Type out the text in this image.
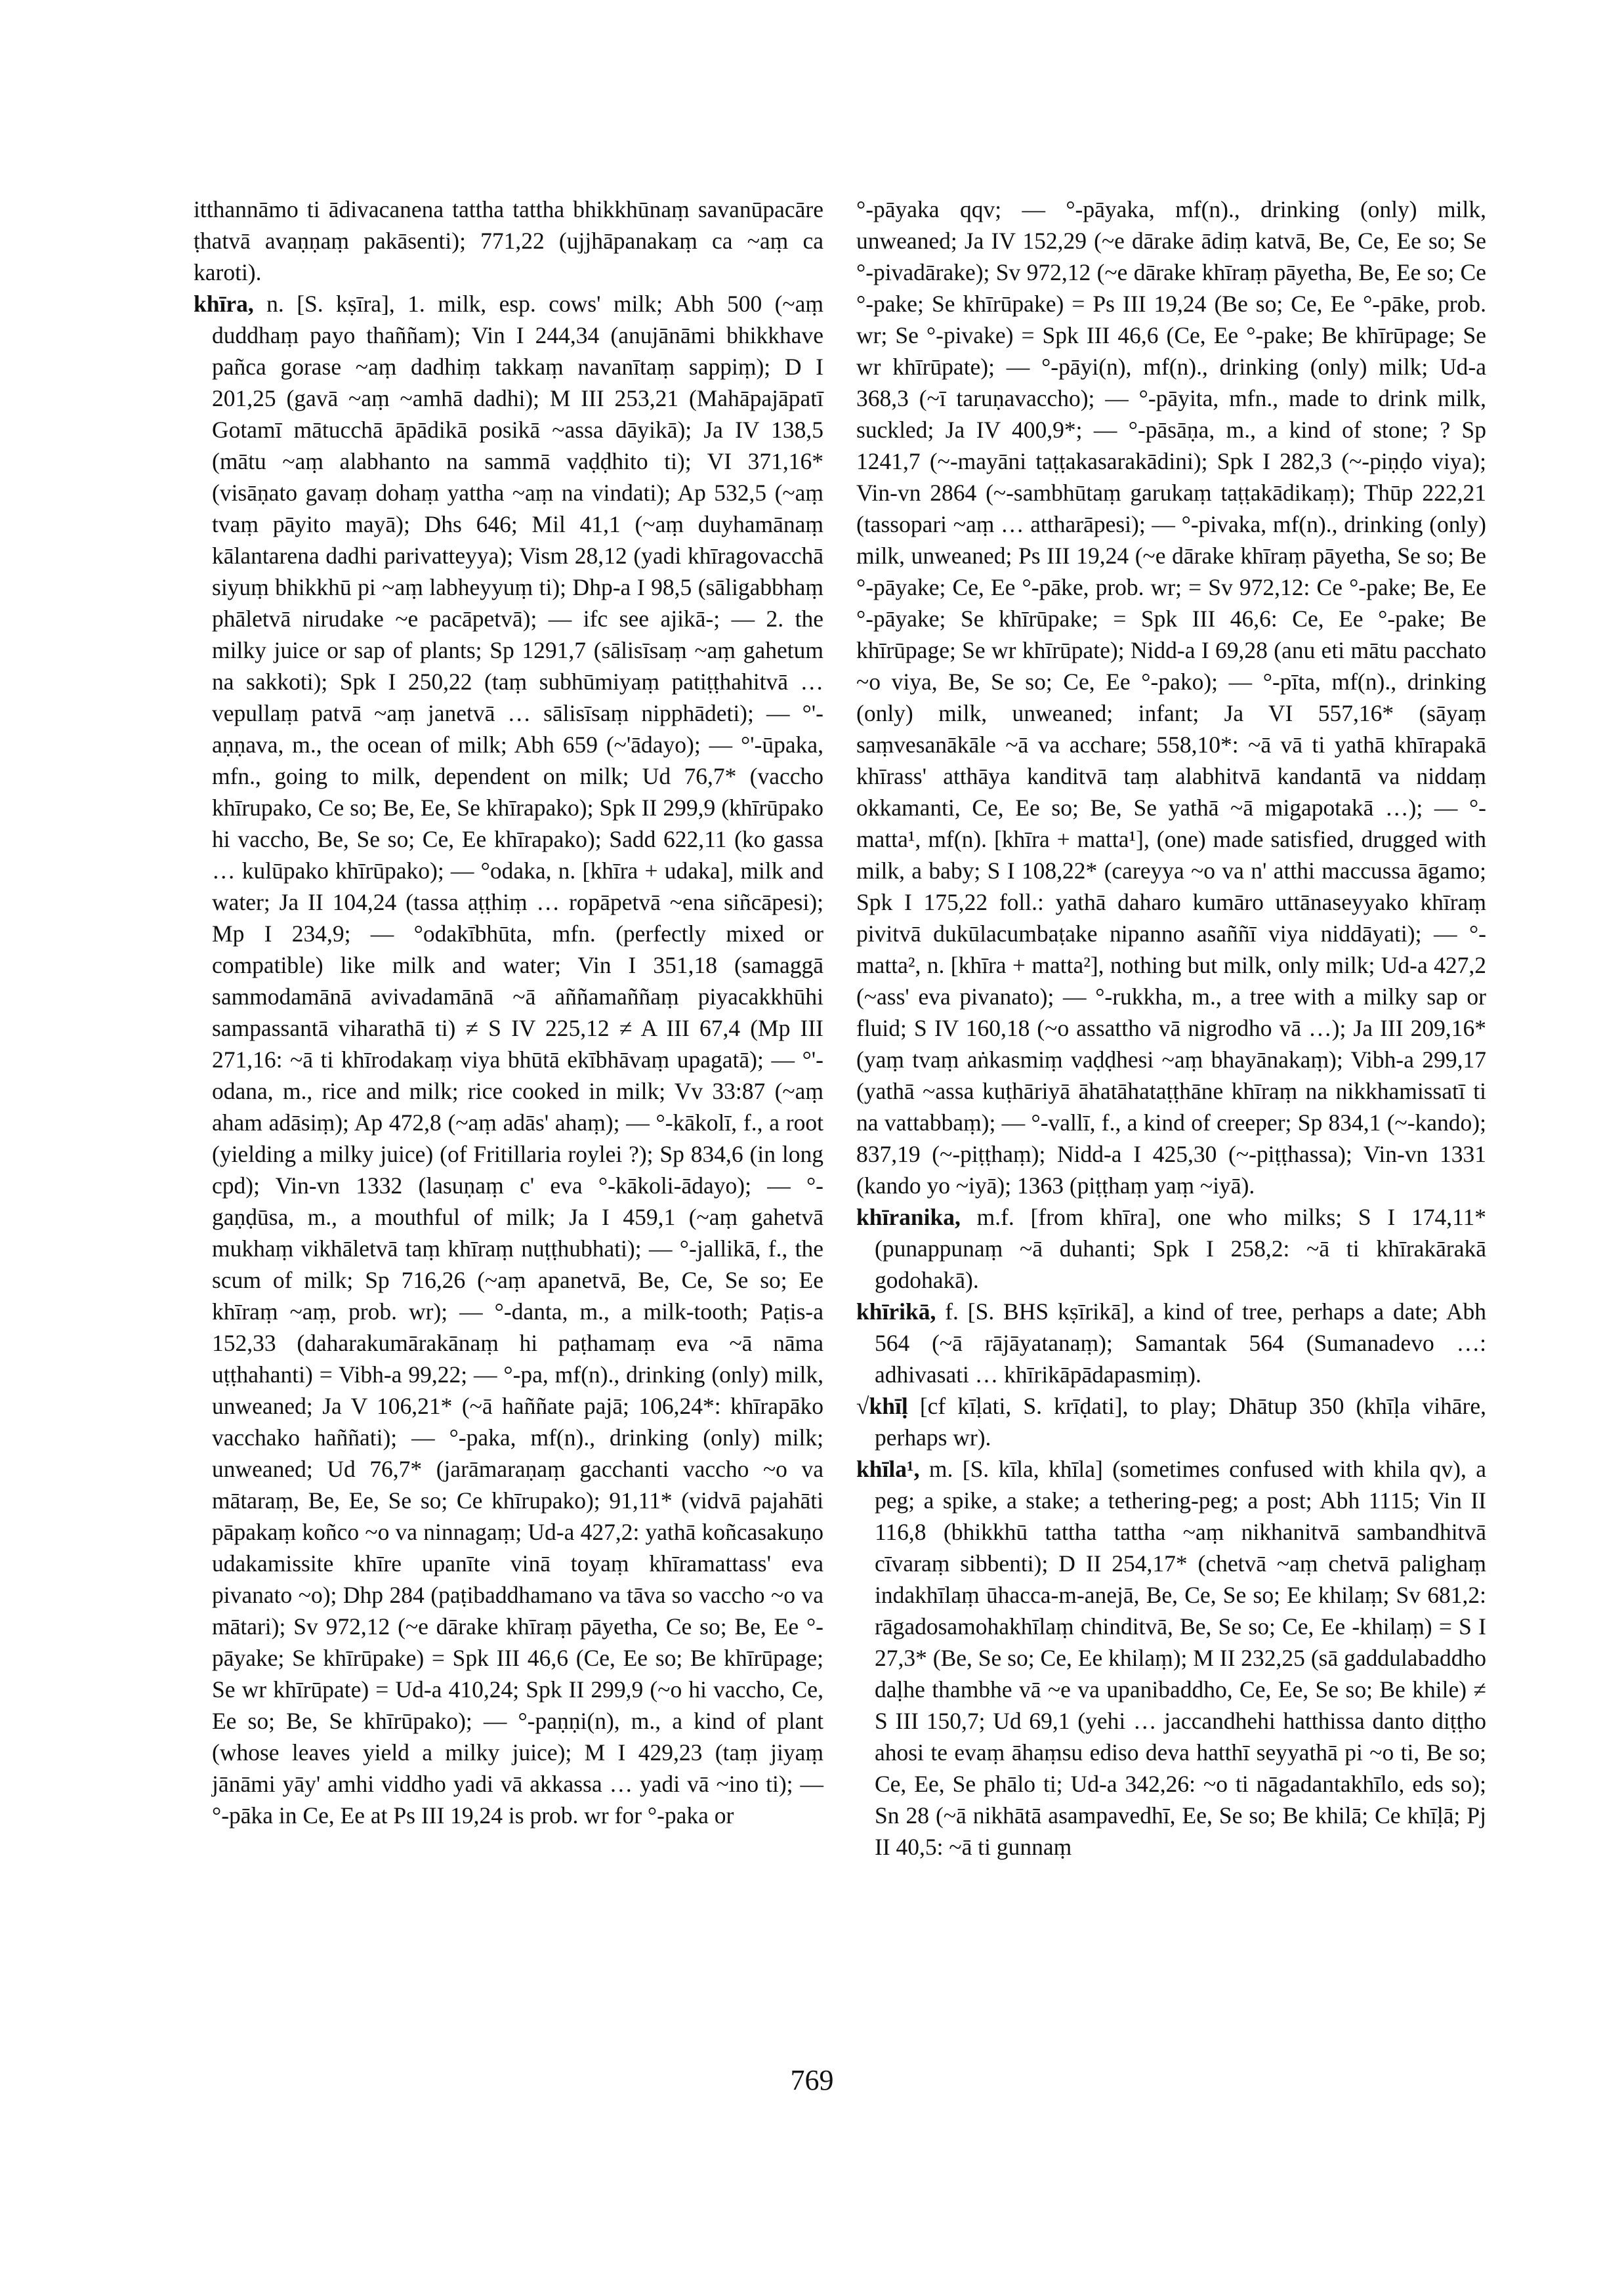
itthannāmo ti ādivacanena tattha tattha bhikkhūnaṃ savanūpacāre ṭhatvā avaṇṇaṃ pakāsenti); 771,22 (ujjhāpanakaṃ ca ~aṃ ca karoti).

khīra, n. [S. kṣīra], 1. milk, esp. cows' milk; Abh 500 (~aṃ duddhaṃ payo thaññam); Vin I 244,34 (anujānāmi bhikkhave pañca gorase ~aṃ dadhiṃ takkaṃ navanītaṃ sappiṃ); D I 201,25 (gavā ~aṃ ~amhā dadhi); M III 253,21 (Mahāpajāpatī Gotamī mātucchā āpādikā posikā ~assa dāyikā); Ja IV 138,5 (mātu ~aṃ alabhanto na sammā vaḍḍhito ti); VI 371,16* (visāṇato gavaṃ dohaṃ yattha ~aṃ na vindati); Ap 532,5 (~aṃ tvaṃ pāyito mayā); Dhs 646; Mil 41,1 (~aṃ duyhamānaṃ kālantarena dadhi parivatteyya); Vism 28,12 (yadi khīragovacchā siyuṃ bhikkhū pi ~aṃ labheyyuṃ ti); Dhp-a I 98,5 (sāligabbhaṃ phāletvā nirudake ~e pacāpetvā); — ifc see ajikā-; — 2. the milky juice or sap of plants; Sp 1291,7 (sālisīsaṃ ~aṃ gahetum na sakkoti); Spk I 250,22 (taṃ subhūmiyaṃ patiṭṭhahitvā … vepullaṃ patvā ~aṃ janetvā … sālisīsaṃ nipphādeti); — °'-aṇṇava, m., the ocean of milk; Abh 659 (~'ādayo); — °'-ūpaka, mfn., going to milk, dependent on milk; Ud 76,7* (vaccho khīrupako, Ce so; Be, Ee, Se khīrapako); Spk II 299,9 (khīrūpako hi vaccho, Be, Se so; Ce, Ee khīrapako); Sadd 622,11 (ko gassa … kulūpako khīrūpako); — °odaka, n. [khīra + udaka], milk and water; Ja II 104,24 (tassa aṭṭhiṃ … ropāpetvā ~ena siñcāpesi); Mp I 234,9; — °odakībhūta, mfn. (perfectly mixed or compatible) like milk and water; Vin I 351,18 (samaggā sammodamānā avivadamānā ~ā aññamaññaṃ piyacakkhūhi sampassantā viharathā ti) ≠ S IV 225,12 ≠ A III 67,4 (Mp III 271,16: ~ā ti khīrodakaṃ viya bhūtā ekībhāvaṃ upagatā); — °'-odana, m., rice and milk; rice cooked in milk; Vv 33:87 (~aṃ aham adāsiṃ); Ap 472,8 (~aṃ adās' ahaṃ); — °-kākolī, f., a root (yielding a milky juice) (of Fritillaria roylei ?); Sp 834,6 (in long cpd); Vin-vn 1332 (lasuṇaṃ c' eva °-kākoli-ādayo); — °-gaṇḍūsa, m., a mouthful of milk; Ja I 459,1 (~aṃ gahetvā mukhaṃ vikhāletvā taṃ khīraṃ nuṭṭhubhati); — °-jallikā, f., the scum of milk; Sp 716,26 (~aṃ apanetvā, Be, Ce, Se so; Ee khīraṃ ~aṃ, prob. wr); — °-danta, m., a milk-tooth; Paṭis-a 152,33 (daharakumārakānaṃ hi paṭhamaṃ eva ~ā nāma uṭṭhahanti) = Vibh-a 99,22; — °-pa, mf(n)., drinking (only) milk, unweaned; Ja V 106,21* (~ā haññate pajā; 106,24*: khīrapāko vacchako haññati); — °-paka, mf(n)., drinking (only) milk; unweaned; Ud 76,7* (jarāmaraṇaṃ gacchanti vaccho ~o va mātaraṃ, Be, Ee, Se so; Ce khīrupako); 91,11* (vidvā pajahāti pāpakaṃ koñco ~o va ninnagaṃ; Ud-a 427,2: yathā koñcasakuṇo udakamissite khīre upanīte vinā toyaṃ khīramattass' eva pivanato ~o); Dhp 284 (paṭibaddhamano va tāva so vaccho ~o va mātari); Sv 972,12 (~e dārake khīraṃ pāyetha, Ce so; Be, Ee °-pāyake; Se khīrūpake) = Spk III 46,6 (Ce, Ee so; Be khīrūpage; Se wr khīrūpate) = Ud-a 410,24; Spk II 299,9 (~o hi vaccho, Ce, Ee so; Be, Se khīrūpako); — °-paṇṇi(n), m., a kind of plant (whose leaves yield a milky juice); M I 429,23 (taṃ jiyaṃ jānāmi yāy' amhi viddho yadi vā akkassa … yadi vā ~ino ti); — °-pāka in Ce, Ee at Ps III 19,24 is prob. wr for °-paka or

°-pāyaka qqv; — °-pāyaka, mf(n)., drinking (only) milk, unweaned; Ja IV 152,29 (~e dārake ādiṃ katvā, Be, Ce, Ee so; Se °-pivadārake); Sv 972,12 (~e dārake khīraṃ pāyetha, Be, Ee so; Ce °-pake; Se khīrūpake) = Ps III 19,24 (Be so; Ce, Ee °-pāke, prob. wr; Se °-pivake) = Spk III 46,6 (Ce, Ee °-pake; Be khīrūpage; Se wr khīrūpate); — °-pāyi(n), mf(n)., drinking (only) milk; Ud-a 368,3 (~ī taruṇavaccho); — °-pāyita, mfn., made to drink milk, suckled; Ja IV 400,9*; — °-pāsāṇa, m., a kind of stone; ? Sp 1241,7 (~-mayāni taṭṭakasarakādini); Spk I 282,3 (~-piṇḍo viya); Vin-vn 2864 (~-sambhūtaṃ garukaṃ taṭṭakādikaṃ); Thūp 222,21 (tassopari ~aṃ … attharāpesi); — °-pivaka, mf(n)., drinking (only) milk, unweaned; Ps III 19,24 (~e dārake khīraṃ pāyetha, Se so; Be °-pāyake; Ce, Ee °-pāke, prob. wr; = Sv 972,12: Ce °-pake; Be, Ee °-pāyake; Se khīrūpake; = Spk III 46,6: Ce, Ee °-pake; Be khīrūpage; Se wr khīrūpate); Nidd-a I 69,28 (anu eti mātu pacchato ~o viya, Be, Se so; Ce, Ee °-pako); — °-pīta, mf(n)., drinking (only) milk, unweaned; infant; Ja VI 557,16* (sāyaṃ saṃvesanākāle ~ā va acchare; 558,10*: ~ā vā ti yathā khīrapakā khīrass' atthāya kanditvā taṃ alabhitvā kandantā va niddaṃ okkamanti, Ce, Ee so; Be, Se yathā ~ā migapotakā …); — °-matta¹, mf(n). [khīra + matta¹], (one) made satisfied, drugged with milk, a baby; S I 108,22* (careyya ~o va n' atthi maccussa āgamo; Spk I 175,22 foll.: yathā daharo kumāro uttānaseyyako khīraṃ pivitvā dukūlacumbaṭake nipanno asaññī viya niddāyati); — °-matta², n. [khīra + matta²], nothing but milk, only milk; Ud-a 427,2 (~ass' eva pivanato); — °-rukkha, m., a tree with a milky sap or fluid; S IV 160,18 (~o assattho vā nigrodho vā …); Ja III 209,16* (yaṃ tvaṃ aṅkasmiṃ vaḍḍhesi ~aṃ bhayānakaṃ); Vibh-a 299,17 (yathā ~assa kuṭhāriyā āhatāhataṭṭhāne khīraṃ na nikkhamissatī ti na vattabbaṃ); — °-vallī, f., a kind of creeper; Sp 834,1 (~-kando); 837,19 (~-piṭṭhaṃ); Nidd-a I 425,30 (~-piṭṭhassa); Vin-vn 1331 (kando yo ~iyā); 1363 (piṭṭhaṃ yaṃ ~iyā).

khīranika, m.f. [from khīra], one who milks; S I 174,11* (punappunaṃ ~ā duhanti; Spk I 258,2: ~ā ti khīrakārakā godohakā).

khīrikā, f. [S. BHS kṣīrikā], a kind of tree, perhaps a date; Abh 564 (~ā rājāyatanaṃ); Samantak 564 (Sumanadevo …: adhivasati … khīrikāpādapasmiṃ).

√khīḷ [cf kīḷati, S. krīḍati], to play; Dhātup 350 (khīḷa vihāre, perhaps wr).

khīla¹, m. [S. kīla, khīla] (sometimes confused with khila qv), a peg; a spike, a stake; a tethering-peg; a post; Abh 1115; Vin II 116,8 (bhikkhū tattha tattha ~aṃ nikhanitvā sambandhitvā cīvaraṃ sibbenti); D II 254,17* (chetvā ~aṃ chetvā palighaṃ indakhīlaṃ ūhacca-m-anejā, Be, Ce, Se so; Ee khilaṃ; Sv 681,2: rāgadosamohakhīlaṃ chinditvā, Be, Se so; Ce, Ee -khilaṃ) = S I 27,3* (Be, Se so; Ce, Ee khilaṃ); M II 232,25 (sā gaddulabaddho daḷhe thambhe vā ~e va upanibaddho, Ce, Ee, Se so; Be khile) ≠ S III 150,7; Ud 69,1 (yehi … jaccandhehi hatthissa danto diṭṭho ahosi te evaṃ āhaṃsu ediso deva hatthī seyyathā pi ~o ti, Be so; Ce, Ee, Se phālo ti; Ud-a 342,26: ~o ti nāgadantakhīlo, eds so); Sn 28 (~ā nikhātā asampavedhī, Ee, Se so; Be khilā; Ce khīḷā; Pj II 40,5: ~ā ti gunnaṃ

769
